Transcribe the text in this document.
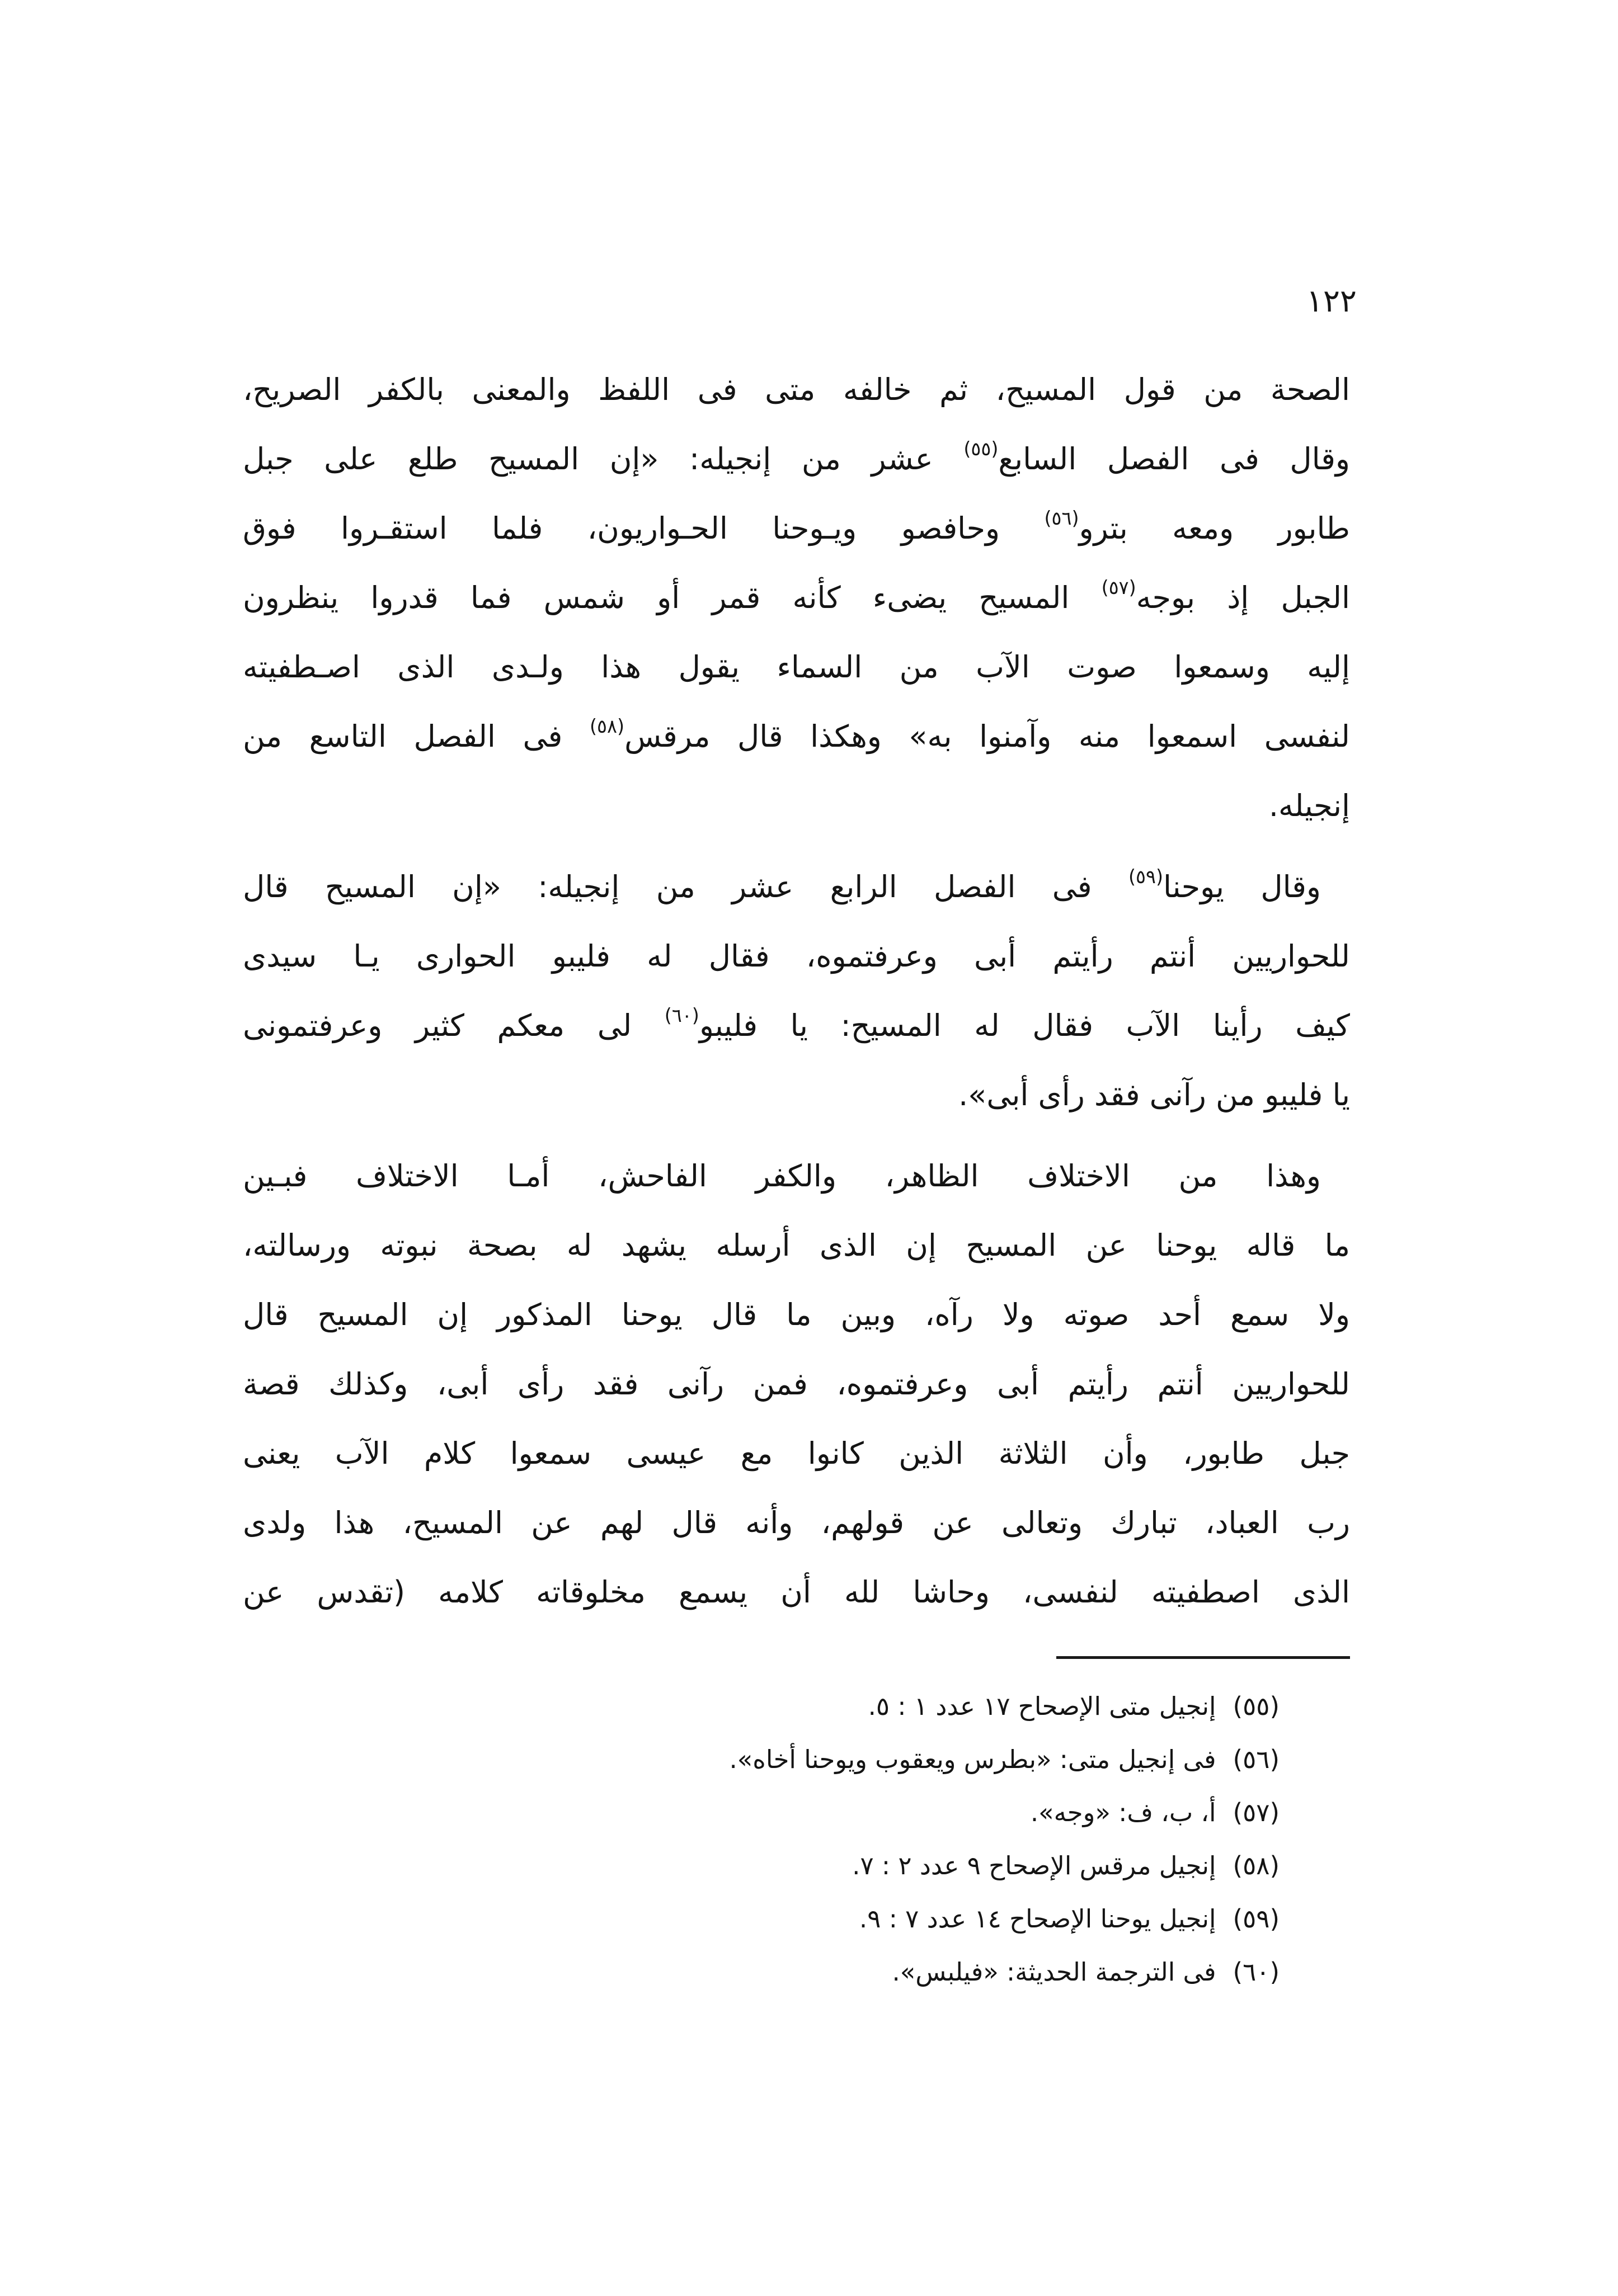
١٢٢
الصحة من قول المسيح، ثم خالفه متى فى اللفظ والمعنى بالكفر الصريح،
وقال فى الفصل السابع$^{(٥٥)}$ عشر من إنجيله: «إن المسيح طلع على جبل
طابور ومعه بترو$^{(٥٦)}$ وحافصو ويـوحنا الحـواريون، فلما استقـروا فوق
الجبل إذ بوجه$^{(٥٧)}$ المسيح يضىء كأنه قمر أو شمس فما قدروا ينظرون
إليه وسمعوا صوت الآب من السماء يقول هذا ولـدى الذى اصـطفيته
لنفسى اسمعوا منه وآمنوا به» وهكذا قال مرقس$^{(٥٨)}$ فى الفصل التاسع من
إنجيله.
وقال يوحنا$^{(٥٩)}$ فى الفصل الرابع عشر من إنجيله: «إن المسيح قال
للحواريين أنتم رأيتم أبى وعرفتموه، فقال له فليبو الحوارى يـا سيدى
كيف رأينا الآب فقال له المسيح: يا فليبو$^{(٦٠)}$ لى معكم كثير وعرفتمونى
يا فليبو من رآنى فقد رأى أبى».
وهذا من الاختلاف الظاهر، والكفر الفاحش، أمـا الاختلاف فبـين
ما قاله يوحنا عن المسيح إن الذى أرسله يشهد له بصحة نبوته ورسالته،
ولا سمع أحد صوته ولا رآه، وبين ما قال يوحنا المذكور إن المسيح قال
للحواريين أنتم رأيتم أبى وعرفتموه، فمن رآنى فقد رأى أبى، وكذلك قصة
جبل طابور، وأن الثلاثة الذين كانوا مع عيسى سمعوا كلام الآب يعنى
رب العباد، تبارك وتعالى عن قولهم، وأنه قال لهم عن المسيح، هذا ولدى
الذى اصطفيته لنفسى، وحاشا لله أن يسمع مخلوقاته كلامه (تقدس عن
(٥٥)إنجيل متى الإصحاح ١٧ عدد ١ : ٥.
(٥٦)فى إنجيل متى: «بطرس ويعقوب ويوحنا أخاه».
(٥٧)أ، ب، ف: «وجه».
(٥٨)إنجيل مرقس الإصحاح ٩ عدد ٢ : ٧.
(٥٩)إنجيل يوحنا الإصحاح ١٤ عدد ٧ : ٩.
(٦٠)فى الترجمة الحديثة: «فيلبس».
